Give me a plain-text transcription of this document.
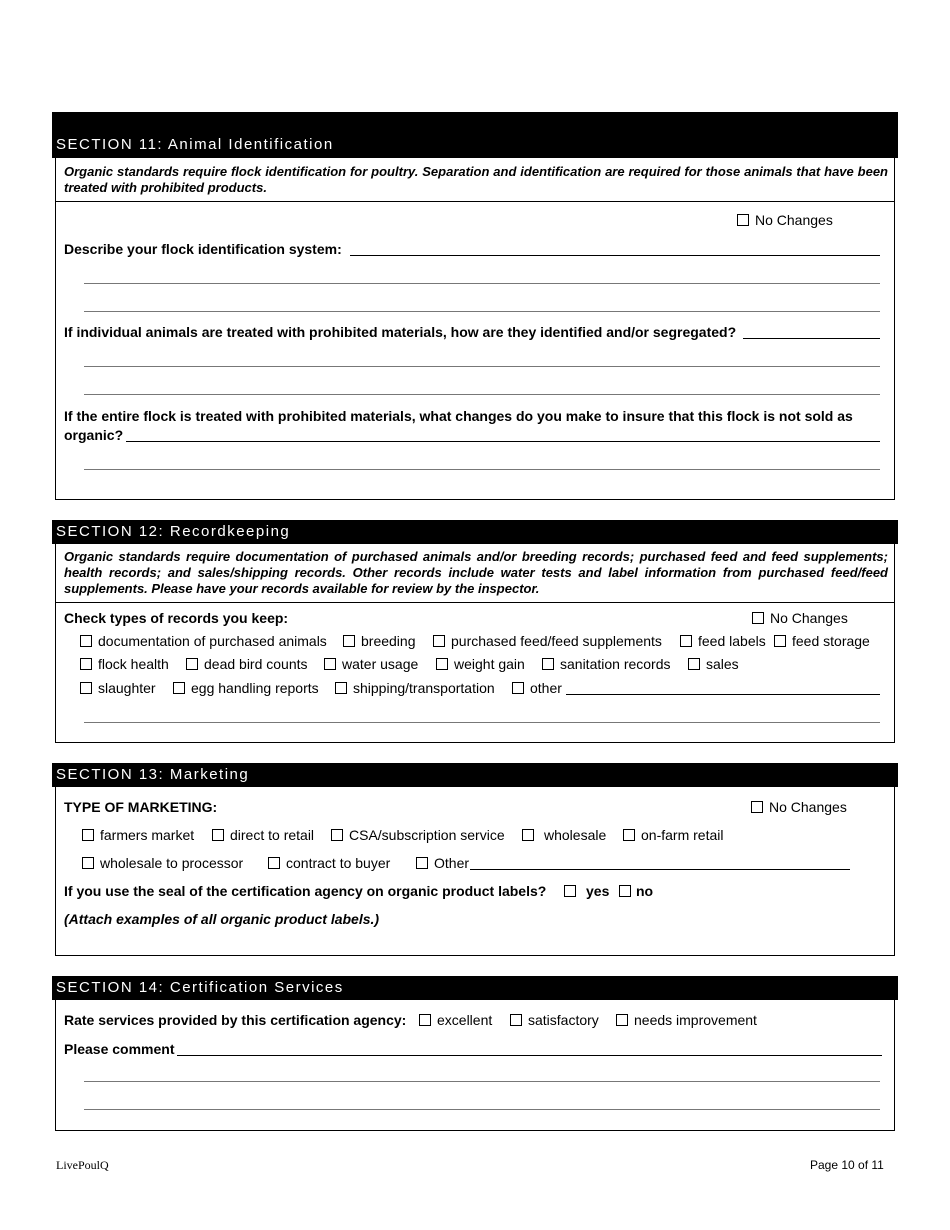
SECTION 11: Animal Identification
Organic standards require flock identification for poultry. Separation and identification are required for those animals that have been treated with prohibited products.
No Changes
Describe your flock identification system:
If individual animals are treated with prohibited materials, how are they identified and/or segregated?
If the entire flock is treated with prohibited materials, what changes do you make to insure that this flock is not sold as
organic?
SECTION 12: Recordkeeping
Organic standards require documentation of purchased animals and/or breeding records; purchased feed and feed supplements; health records; and sales/shipping records. Other records include water tests and label information from purchased feed/feed supplements. Please have your records available for review by the inspector.
Check types of records you keep:	No Changes
documentation of purchased animals breeding	purchased feed/feed supplements	feed labels feed storage
flock health	dead bird counts water usage	weight gain	sanitation records	sales
slaughter	egg handling reports shipping/transportation	other
SECTION 13: Marketing
TYPE OF MARKETING:	No Changes
farmers market	direct to retail CSA/subscription service	wholesale on-farm retail
wholesale to processor	contract to buyer	Other
If you use the seal of the certification agency on organic product labels?	yes no
(Attach examples of all organic product labels.)
SECTION 14: Certification Services
Rate services provided by this certification agency: excellent	satisfactory	needs improvement
Please comment
LivePoulQ	Page 10 of 11
